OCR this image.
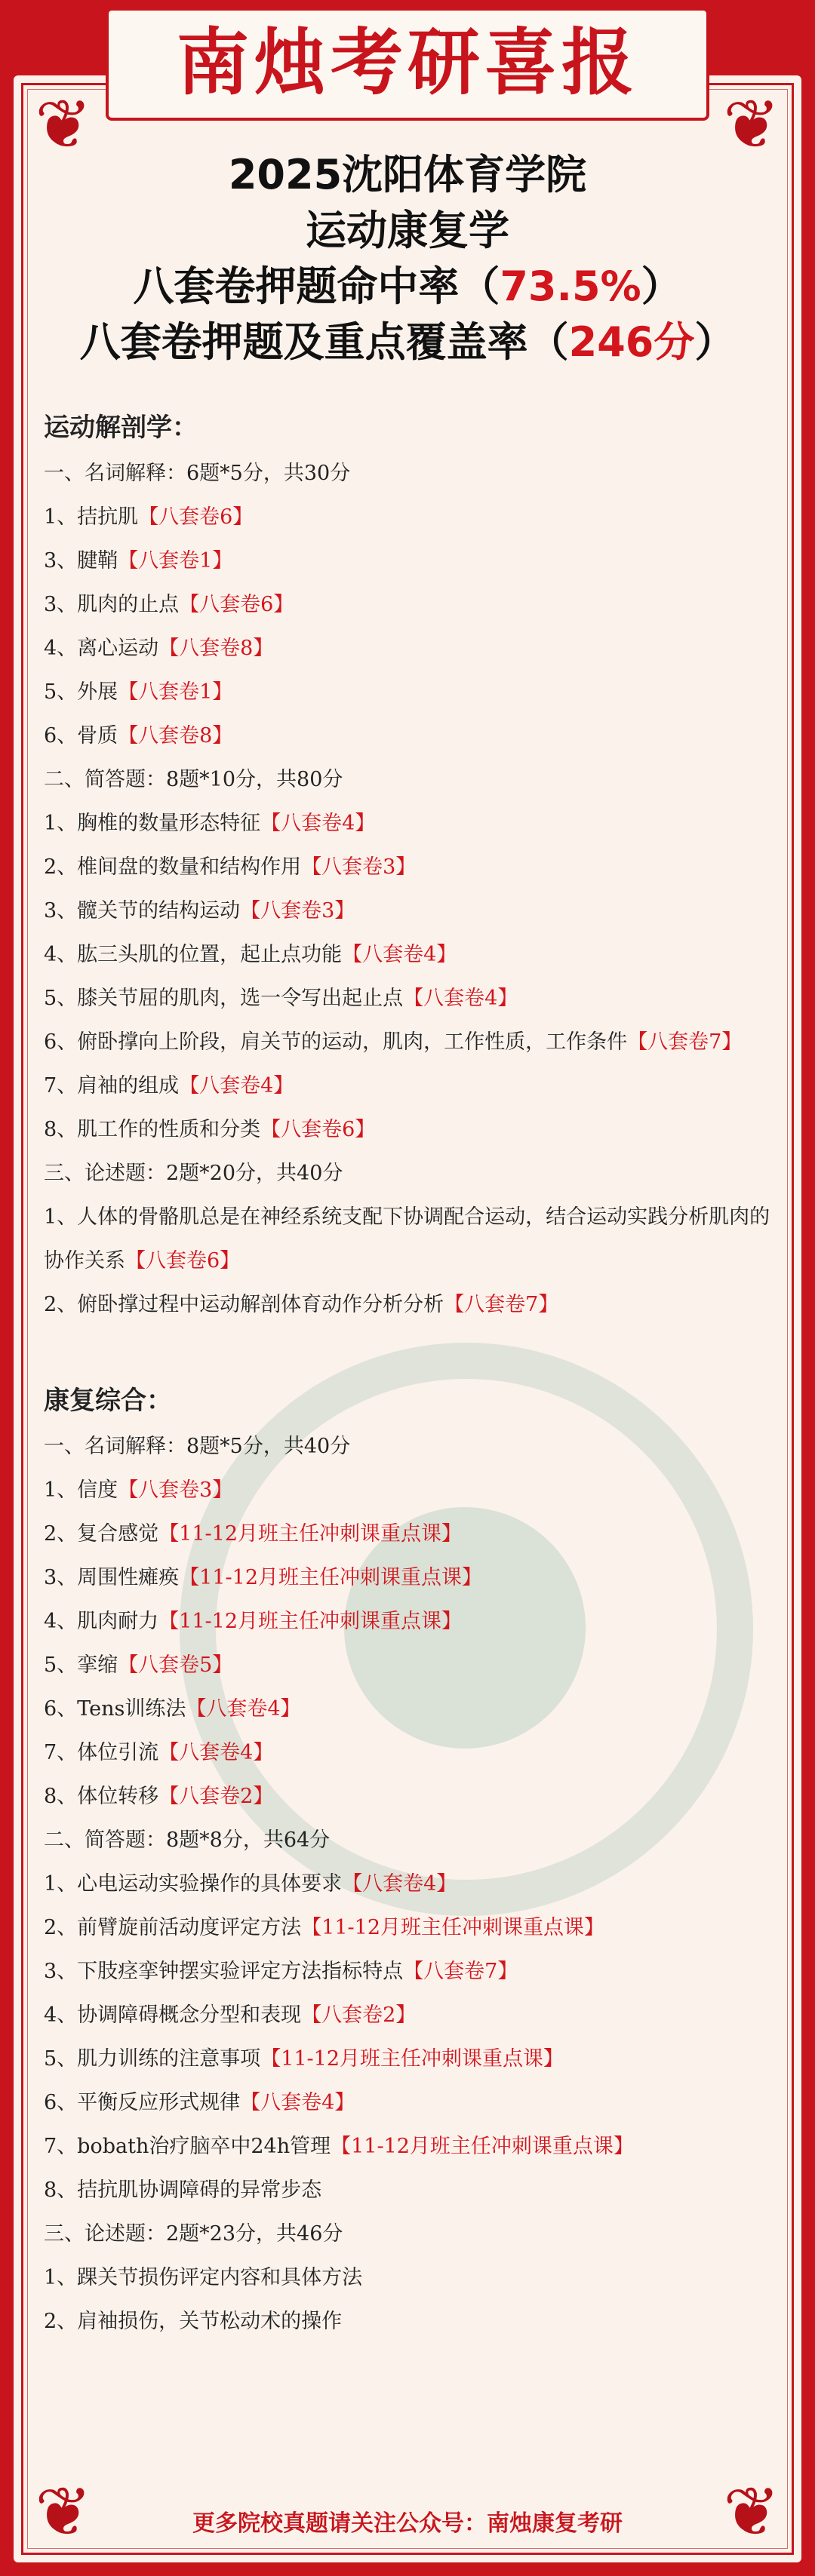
❦	❦
❦	❦
南烛考研喜报
2025沈阳体育学院
运动康复学
八套卷押题命中率（73.5%）
八套卷押题及重点覆盖率（246分）
运动解剖学：
一、名词解释：6题*5分，共30分
1、拮抗肌【八套卷6】
3、腱鞘【八套卷1】
3、肌肉的止点【八套卷6】
4、离心运动【八套卷8】
5、外展【八套卷1】
6、骨质【八套卷8】
二、简答题：8题*10分，共80分
1、胸椎的数量形态特征【八套卷4】
2、椎间盘的数量和结构作用【八套卷3】
3、髋关节的结构运动【八套卷3】
4、肱三头肌的位置，起止点功能【八套卷4】
5、膝关节屈的肌肉，选一令写出起止点【八套卷4】
6、俯卧撑向上阶段，肩关节的运动，肌肉，工作性质，工作条件【八套卷7】
7、肩袖的组成【八套卷4】
8、肌工作的性质和分类【八套卷6】
三、论述题：2题*20分，共40分
1、人体的骨骼肌总是在神经系统支配下协调配合运动，结合运动实践分析肌肉的协作关系【八套卷6】
2、俯卧撑过程中运动解剖体育动作分析分析【八套卷7】
康复综合：
一、名词解释：8题*5分，共40分
1、信度【八套卷3】
2、复合感觉【11-12月班主任冲刺课重点课】
3、周围性瘫痪【11-12月班主任冲刺课重点课】
4、肌肉耐力【11-12月班主任冲刺课重点课】
5、挛缩【八套卷5】
6、Tens训练法【八套卷4】
7、体位引流【八套卷4】
8、体位转移【八套卷2】
二、简答题：8题*8分，共64分
1、心电运动实验操作的具体要求【八套卷4】
2、前臂旋前活动度评定方法【11-12月班主任冲刺课重点课】
3、下肢痉挛钟摆实验评定方法指标特点【八套卷7】
4、协调障碍概念分型和表现【八套卷2】
5、肌力训练的注意事项【11-12月班主任冲刺课重点课】
6、平衡反应形式规律【八套卷4】
7、bobath治疗脑卒中24h管理【11-12月班主任冲刺课重点课】
8、拮抗肌协调障碍的异常步态
三、论述题：2题*23分，共46分
1、踝关节损伤评定内容和具体方法
2、肩袖损伤，关节松动术的操作
更多院校真题请关注公众号：南烛康复考研
